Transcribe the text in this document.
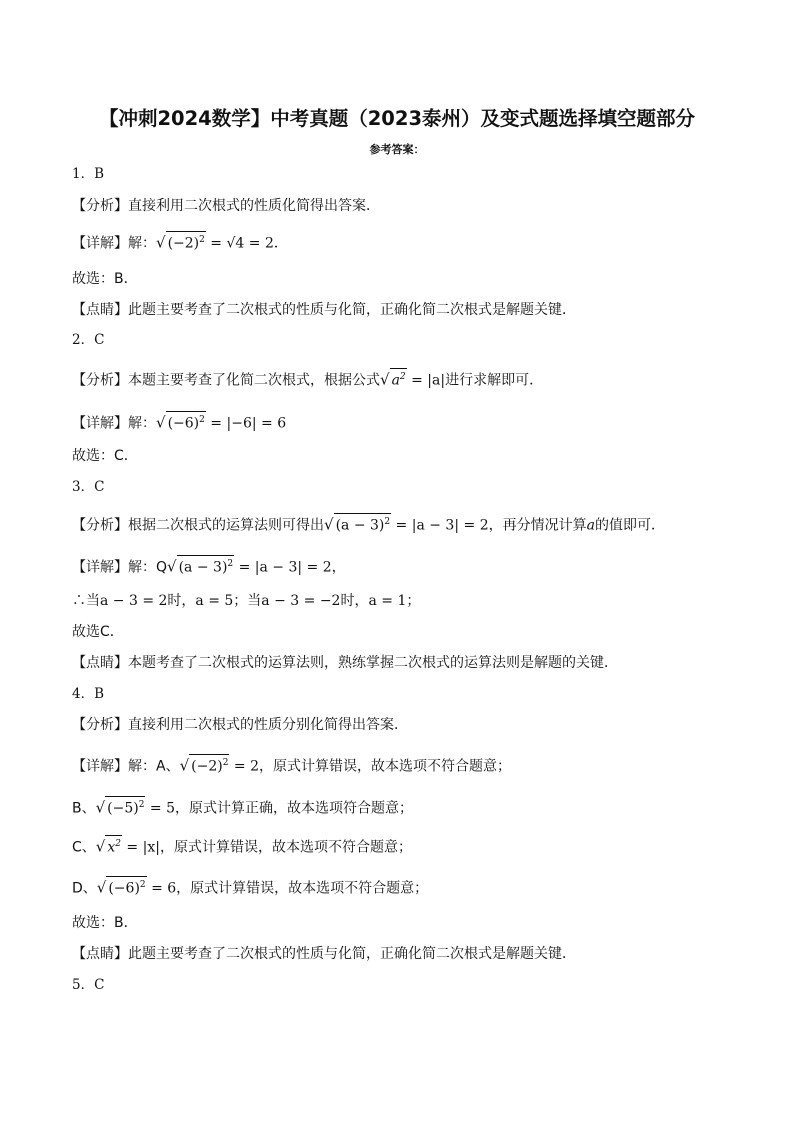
【冲刺2024数学】中考真题（2023泰州）及变式题选择填空题部分
参考答案：
1．B
【分析】直接利用二次根式的性质化简得出答案．
【详解】解：√ $(-2)^2 = √4 = 2$．
故选：B．
【点睛】此题主要考查了二次根式的性质与化简，正确化简二次根式是解题关键．
2．C
【分析】本题主要考查了化简二次根式，根据公式√ $a^2 = |a|$进行求解即可．
【详解】解：√ $(-6)^2 = |-6| = 6$
故选：C．
3．C
【分析】根据二次根式的运算法则可得出√ $(a - 3)^2 = |a - 3| = 2$，再分情况计算a的值即可．
【详解】解：Q√ $(a - 3)^2 = |a - 3| = 2$，
∴当a − 3 = 2时，a = 5；当a − 3 = −2时，a = 1；
故选C．
【点睛】本题考查了二次根式的运算法则，熟练掌握二次根式的运算法则是解题的关键．
4．B
【分析】直接利用二次根式的性质分别化简得出答案．
【详解】解：A、√ $(-2)^2 = 2$，原式计算错误，故本选项不符合题意；
B、√ $(-5)^2 = 5$，原式计算正确，故本选项符合题意；
C、√ $x^2 = |x|$，原式计算错误，故本选项不符合题意；
D、√ $(-6)^2 = 6$，原式计算错误，故本选项不符合题意；
故选：B．
【点睛】此题主要考查了二次根式的性质与化简，正确化简二次根式是解题关键．
5．C
